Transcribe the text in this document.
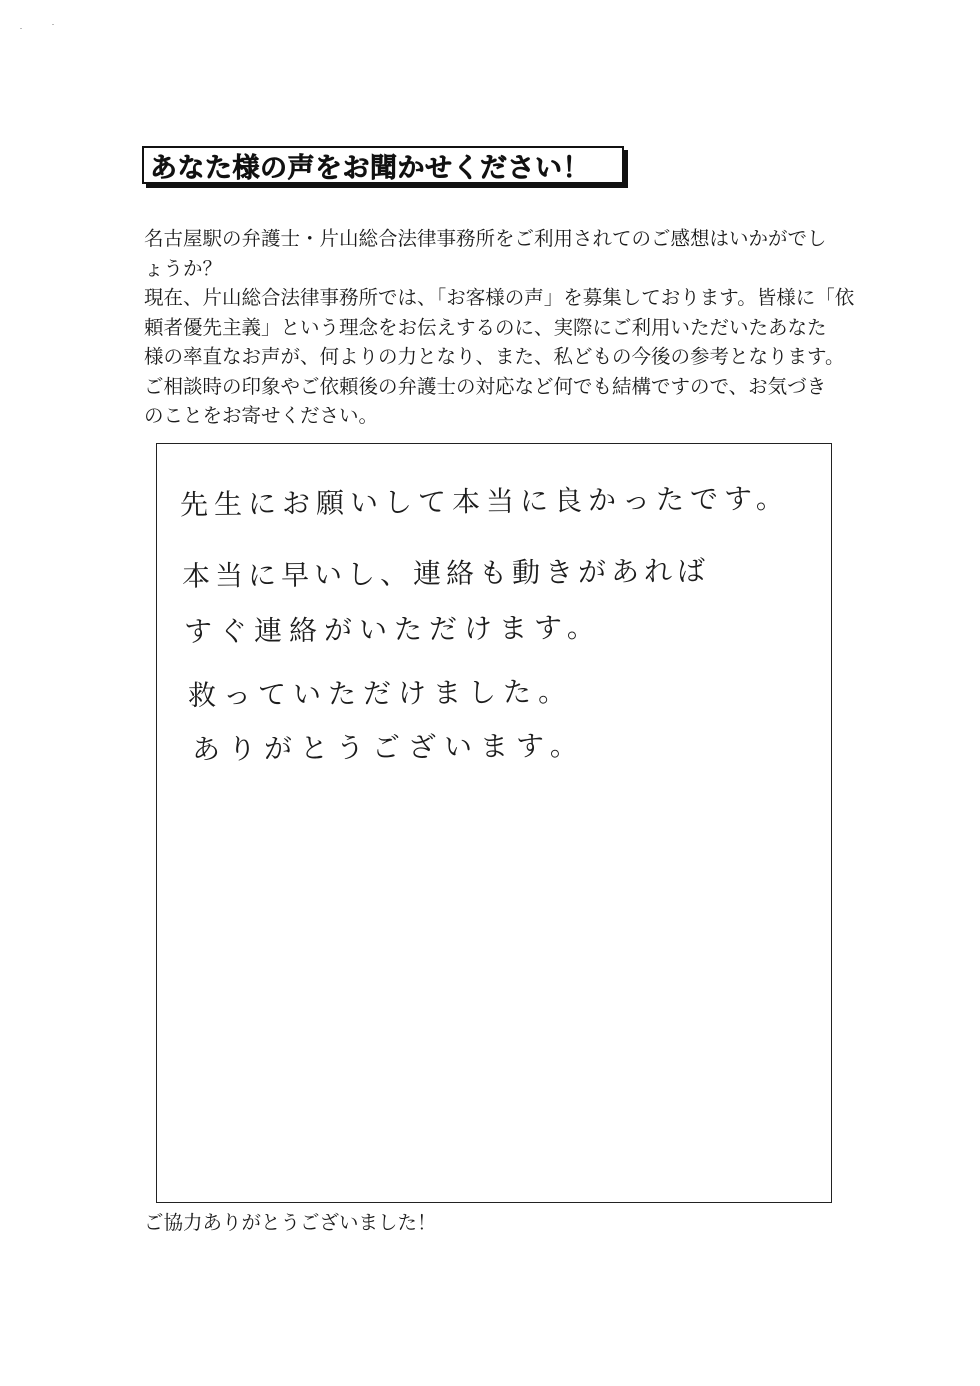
あなた様の声をお聞かせください！
名古屋駅の弁護士・片山総合法律事務所をご利用されてのご感想はいかがでし
ょうか？
現在、片山総合法律事務所では、「お客様の声」を募集しております。皆様に「依
頼者優先主義」という理念をお伝えするのに、実際にご利用いただいたあなた
様の率直なお声が、何よりの力となり、また、私どもの今後の参考となります。
ご相談時の印象やご依頼後の弁護士の対応など何でも結構ですので、お気づき
のことをお寄せください。
先生にお願いして本当に良かったです。
本当に早いし、連絡も動きがあれば
すぐ連絡がいただけます。
救っていただけました。
ありがとうございます。
ご協力ありがとうございました！
